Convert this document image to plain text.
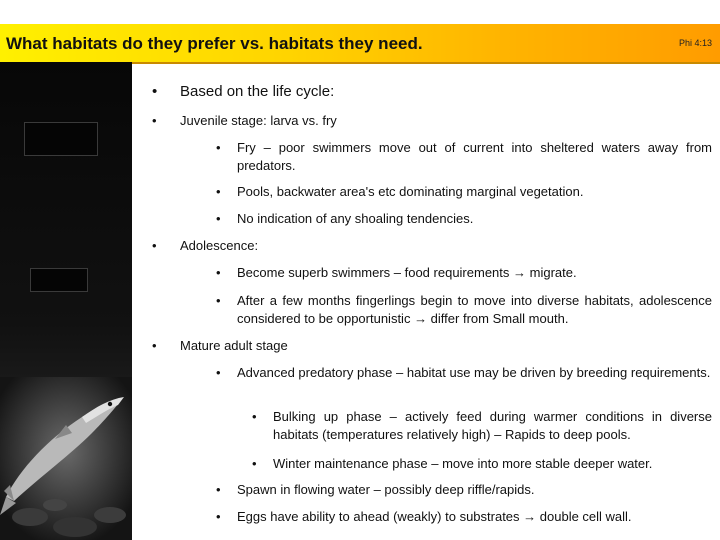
What habitats do they prefer vs. habitats they need.	Phi 4:13
• Based on the life cycle:
• Juvenile stage: larva vs. fry
• Fry – poor swimmers move out of current into sheltered waters away from predators.
• Pools, backwater area's etc dominating marginal vegetation.
• No indication of any shoaling tendencies.
• Adolescence:
• Become superb swimmers – food requirements → migrate.
• After a few months fingerlings begin to move into diverse habitats, adolescence considered to be opportunistic → differ from Small mouth.
• Mature adult stage
• Advanced predatory phase – habitat use may be driven by breeding requirements.
• Bulking up phase – actively feed during warmer conditions in diverse habitats (temperatures relatively high) – Rapids to deep pools.
• Winter maintenance phase – move into more stable deeper water.
• Spawn in flowing water – possibly deep riffle/rapids.
• Eggs have ability to ahead (weakly) to substrates → double cell wall.
